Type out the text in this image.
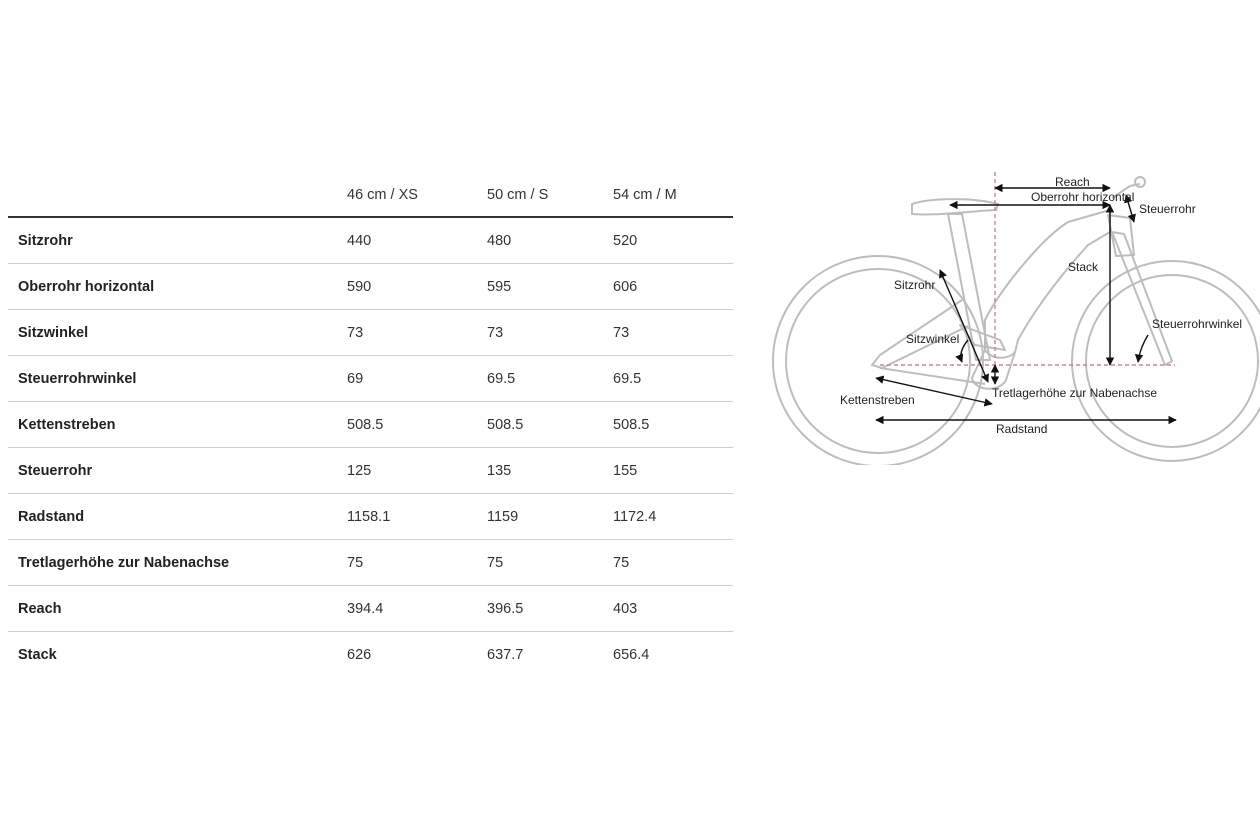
	46 cm / XS	50 cm / S	54 cm / M
Sitzrohr	440	480	520
Oberrohr horizontal	590	595	606
Sitzwinkel	73	73	73
Steuerrohrwinkel	69	69.5	69.5
Kettenstreben	508.5	508.5	508.5
Steuerrohr	125	135	155
Radstand	1158.1	1159	1172.4
Tretlagerhöhe zur Nabenachse	75	75	75
Reach	394.4	396.5	403
Stack	626	637.7	656.4
Reach
Oberrohr horizontal
Steuerrohr
Stack
Sitzrohr
Steuerrohrwinkel
Sitzwinkel
Tretlagerhöhe zur Nabenachse
Kettenstreben
Radstand
